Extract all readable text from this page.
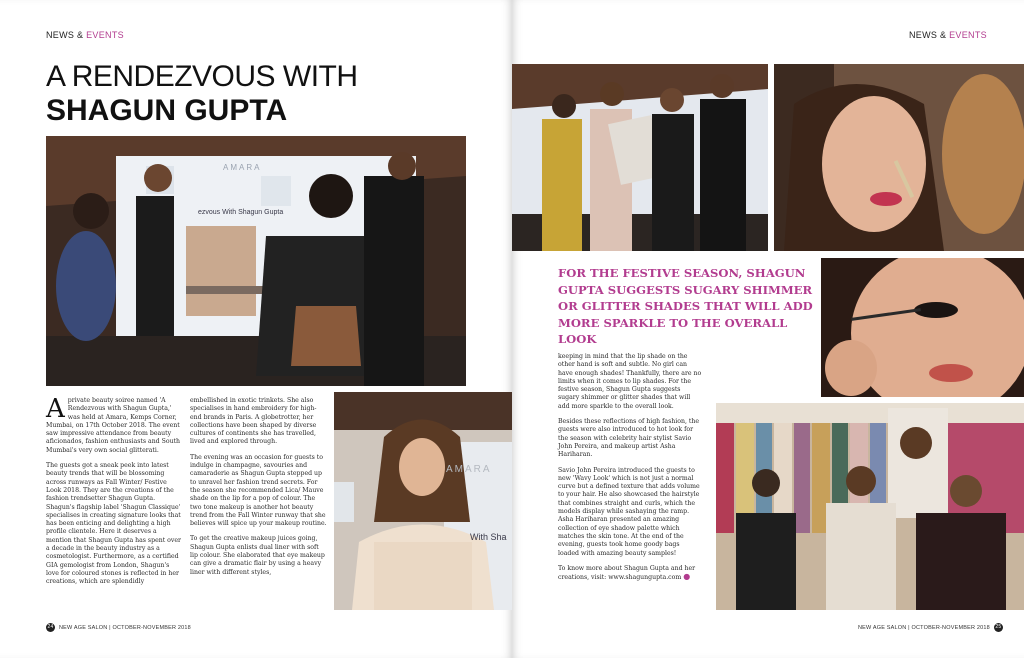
NEWS & EVENTS
A RENDEZVOUS WITH
SHAGUN GUPTA
AMARA
ezvous With Shagun Gupta

Aprivate beauty soiree named 'A Rendezvous with Shagun Gupta,' was held at Amara, Kemps Corner, Mumbai, on 17th October 2018. The event saw impressive attendance from beauty aficionados, fashion enthusiasts and South Mumbai's very own social glitterati.

The guests got a sneak peek into latest beauty trends that will be blossoming across runways as Fall Winter/ Festive Look 2018. They are the creations of the fashion trendsetter Shagun Gupta. Shagun's flagship label 'Shagun Classique' specialises in creating signature looks that has been enticing and delighting a high profile clientele. Here it deserves a mention that Shagun Gupta has spent over a decade in the beauty industry as a cosmetologist. Furthermore, as a certified GIA gemologist from London, Shagun's love for coloured stones is reflected in her creations, which are splendidly

embellished in exotic trinkets. She also specialises in hand embroidery for high-end brands in Paris. A globetrotter, her collections have been shaped by diverse cultures of continents she has travelled, lived and explored through.

The evening was an occasion for guests to indulge in champagne, savouries and camaraderie as Shagun Gupta stepped up to unravel her fashion trend secrets. For the season she recommended Lica/ Mauve shade on the lip for a pop of colour. The two tone makeup is another hot beauty trend from the Fall Winter runway that she believes will spice up your makeup routine.

To get the creative makeup juices going, Shagun Gupta enlists dual liner with soft lip colour. She elaborated that eye makeup can give a dramatic flair by using a heavy liner with different styles,

AMARA
With Sha
24 NEW AGE SALON | OCTOBER-NOVEMBER 2018
NEWS & EVENTS

FOR THE FESTIVE SEASON, SHAGUN GUPTA SUGGESTS SUGARY SHIMMER OR GLITTER SHADES THAT WILL ADD MORE SPARKLE TO THE OVERALL LOOK

keeping in mind that the lip shade on the other hand is soft and subtle. No girl can have enough shades! Thankfully, there are no limits when it comes to lip shades. For the festive season, Shagun Gupta suggests sugary shimmer or glitter shades that will add more sparkle to the overall look.

Besides these reflections of high fashion, the guests were also introduced to hot look for the season with celebrity hair stylist Savio John Pereira, and makeup artist Asha Hariharan.

Savio John Pereira introduced the guests to new 'Wavy Look' which is not just a normal curve but a defined texture that adds volume to your hair. He also showcased the hairstyle that combines straight and curls, which the models display while sashaying the ramp. Asha Hariharan presented an amazing collection of eye shadow palette which matches the skin tone. At the end of the evening, guests took home goody bags loaded with amazing beauty samples!

To know more about Shagun Gupta and her creations, visit: www.shagungupta.com ●

NEW AGE SALON | OCTOBER-NOVEMBER 2018	25
